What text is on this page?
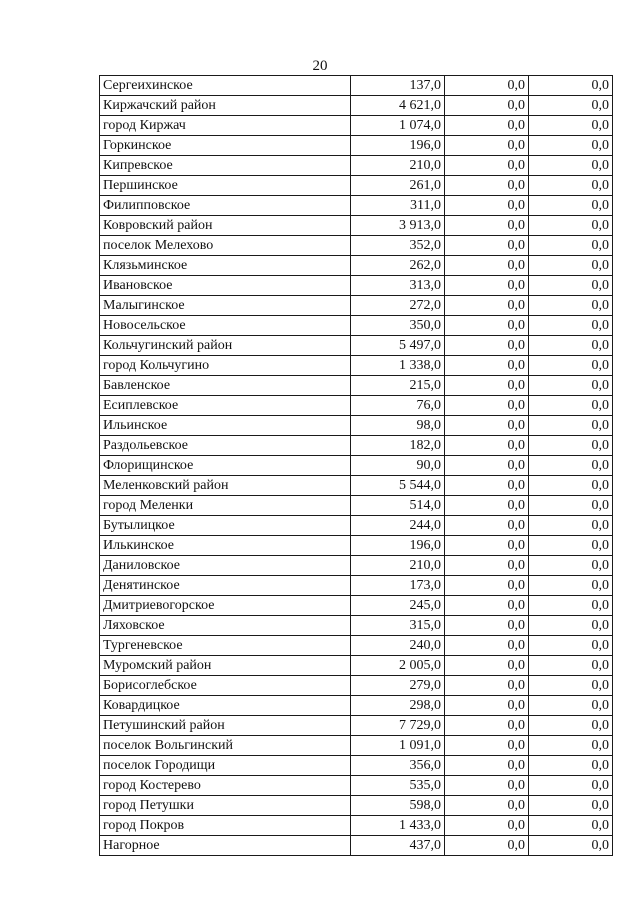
20
Сергеихинское	137,0	0,0	0,0
Киржачский район	4 621,0	0,0	0,0
город Киржач	1 074,0	0,0	0,0
Горкинское	196,0	0,0	0,0
Кипревское	210,0	0,0	0,0
Першинское	261,0	0,0	0,0
Филипповское	311,0	0,0	0,0
Ковровский район	3 913,0	0,0	0,0
поселок Мелехово	352,0	0,0	0,0
Клязьминское	262,0	0,0	0,0
Ивановское	313,0	0,0	0,0
Малыгинское	272,0	0,0	0,0
Новосельское	350,0	0,0	0,0
Кольчугинский район	5 497,0	0,0	0,0
город Кольчугино	1 338,0	0,0	0,0
Бавленское	215,0	0,0	0,0
Есиплевское	76,0	0,0	0,0
Ильинское	98,0	0,0	0,0
Раздольевское	182,0	0,0	0,0
Флорищинское	90,0	0,0	0,0
Меленковский район	5 544,0	0,0	0,0
город Меленки	514,0	0,0	0,0
Бутылицкое	244,0	0,0	0,0
Илькинское	196,0	0,0	0,0
Даниловское	210,0	0,0	0,0
Денятинское	173,0	0,0	0,0
Дмитриевогорское	245,0	0,0	0,0
Ляховское	315,0	0,0	0,0
Тургеневское	240,0	0,0	0,0
Муромский район	2 005,0	0,0	0,0
Борисоглебское	279,0	0,0	0,0
Ковардицкое	298,0	0,0	0,0
Петушинский район	7 729,0	0,0	0,0
поселок Вольгинский	1 091,0	0,0	0,0
поселок Городищи	356,0	0,0	0,0
город Костерево	535,0	0,0	0,0
город Петушки	598,0	0,0	0,0
город Покров	1 433,0	0,0	0,0
Нагорное	437,0	0,0	0,0
